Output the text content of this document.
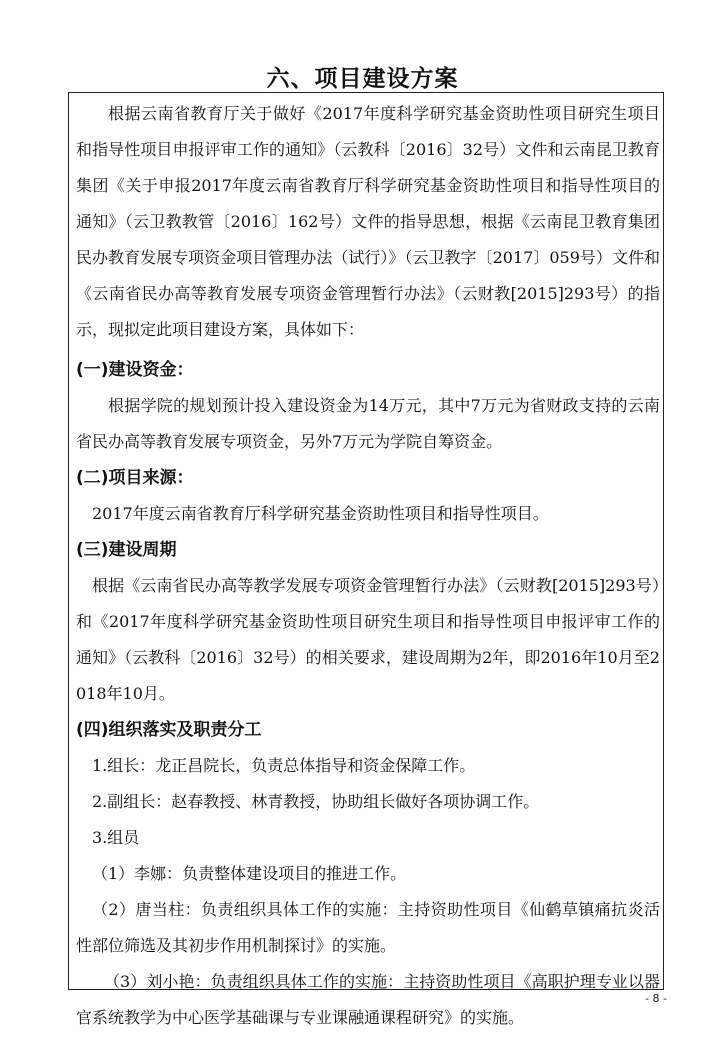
六、项目建设方案

根据云南省教育厅关于做好《2017年度科学研究基金资助性项目研究生项目和指导性项目申报评审工作的通知》（云教科〔2016〕32号）文件和云南昆卫教育集团《关于申报2017年度云南省教育厅科学研究基金资助性项目和指导性项目的通知》（云卫教教管〔2016〕162号）文件的指导思想，根据《云南昆卫教育集团民办教育发展专项资金项目管理办法（试行）》（云卫教字〔2017〕059号）文件和《云南省民办高等教育发展专项资金管理暂行办法》（云财教[2015]293号）的指示，现拟定此项目建设方案，具体如下：

(一)建设资金：

根据学院的规划预计投入建设资金为14万元，其中7万元为省财政支持的云南省民办高等教育发展专项资金，另外7万元为学院自筹资金。

(二)项目来源：

2017年度云南省教育厅科学研究基金资助性项目和指导性项目。

(三)建设周期

根据《云南省民办高等教学发展专项资金管理暂行办法》（云财教[2015]293号）和《2017年度科学研究基金资助性项目研究生项目和指导性项目申报评审工作的通知》（云教科〔2016〕32号）的相关要求，建设周期为2年，即2016年10月至2018年10月。

(四)组织落实及职责分工

1.组长：龙正昌院长，负责总体指导和资金保障工作。

2.副组长：赵春教授、林青教授，协助组长做好各项协调工作。

3.组员

（1）李娜：负责整体建设项目的推进工作。

（2）唐当柱：负责组织具体工作的实施：主持资助性项目《仙鹤草镇痛抗炎活性部位筛选及其初步作用机制探讨》的实施。

（3）刘小艳：负责组织具体工作的实施：主持资助性项目《高职护理专业以器官系统教学为中心医学基础课与专业课融通课程研究》的实施。

- 8 -
